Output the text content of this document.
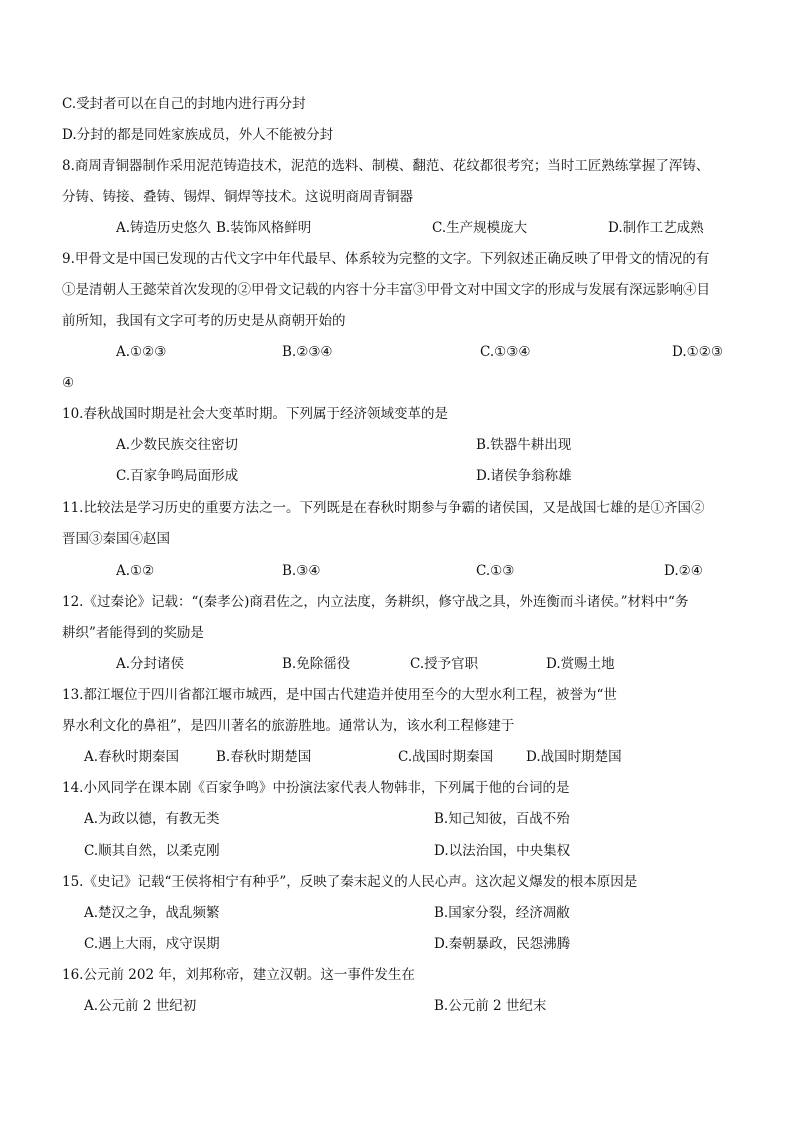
C.受封者可以在自己的封地内进行再分封
D.分封的都是同姓家族成员，外人不能被分封
8.商周青铜器制作采用泥范铸造技术，泥范的选料、制模、翻范、花纹都很考究；当时工匠熟练掌握了浑铸、
分铸、铸接、叠铸、锡焊、铜焊等技术。这说明商周青铜器
A.铸造历史悠久 B.装饰风格鲜明	C.生产规模庞大	D.制作工艺成熟
9.甲骨文是中国已发现的古代文字中年代最早、体系较为完整的文字。下列叙述正确反映了甲骨文的情况的有
①是清朝人王懿荣首次发现的②甲骨文记载的内容十分丰富③甲骨文对中国文字的形成与发展有深远影响④目
前所知，我国有文字可考的历史是从商朝开始的
A.①②③	B.②③④	C.①③④	D.①②③
④
10.春秋战国时期是社会大变革时期。下列属于经济领域变革的是
A.少数民族交往密切	B.铁器牛耕出现
C.百家争鸣局面形成	D.诸侯争翁称雄
11.比较法是学习历史的重要方法之一。下列既是在春秋时期参与争霸的诸侯国，又是战国七雄的是①齐国②
晋国③秦国④赵国
A.①②	B.③④	C.①③	D.②④
12.《过秦论》记载：“(秦孝公)商君佐之，内立法度，务耕织，修守战之具，外连衡而斗诸侯。”材料中“务
耕织”者能得到的奖励是
A.分封诸侯	B.免除徭役	C.授予官职	D.赏赐土地
13.都江堰位于四川省都江堰市城西，是中国古代建造并使用至今的大型水利工程，被誉为“世
界水利文化的鼻祖”，是四川著名的旅游胜地。通常认为，该水利工程修建于
A.春秋时期秦国	B.春秋时期楚国	C.战国时期秦国 D.战国时期楚国
14.小风同学在课本剧《百家争鸣》中扮演法家代表人物韩非，下列属于他的台词的是
A.为政以德，有教无类	B.知己知彼，百战不殆
C.顺其自然，以柔克刚	D.以法治国，中央集权
15.《史记》记载“王侯将相宁有种乎”，反映了秦末起义的人民心声。这次起义爆发的根本原因是
A.楚汉之争，战乱频繁	B.国家分裂，经济凋敝
C.遇上大雨，戍守误期	D.秦朝暴政，民怨沸腾
16.公元前 202 年，刘邦称帝，建立汉朝。这一事件发生在
A.公元前 2 世纪初	B.公元前 2 世纪末
